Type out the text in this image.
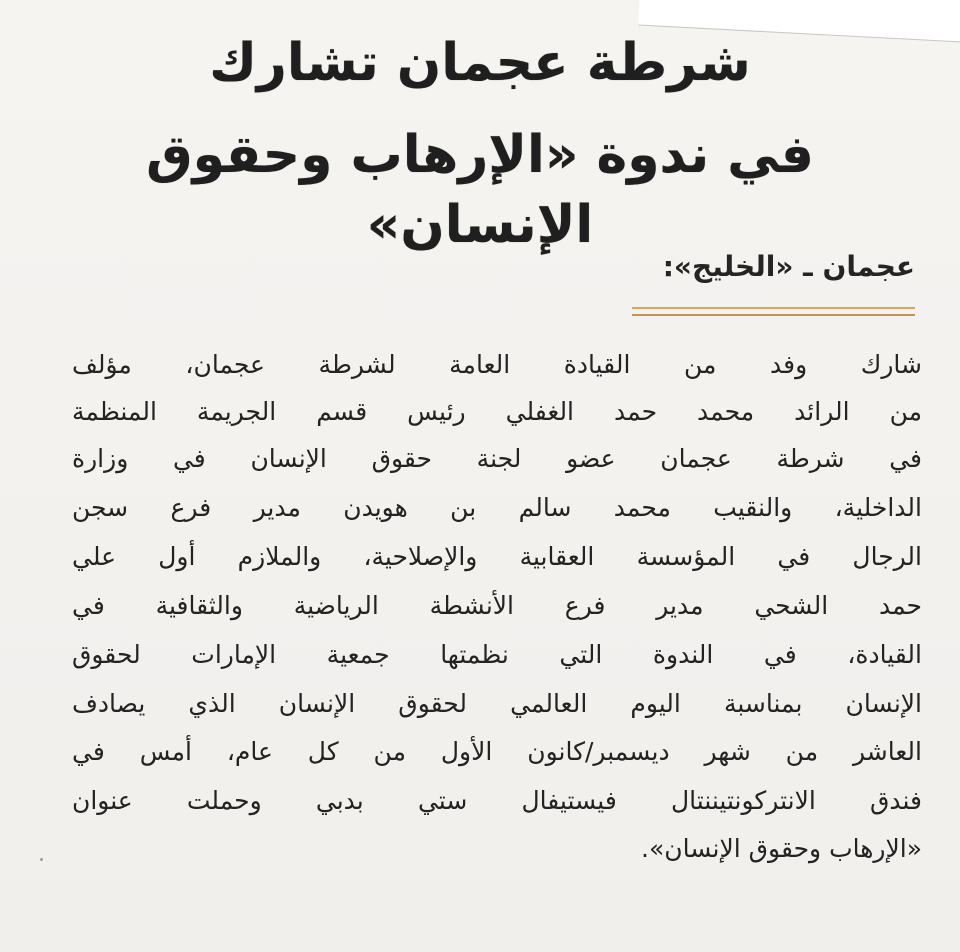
شرطة عجمان تشارك
في ندوة «الإرهاب وحقوق الإنسان»
عجمان ـ «الخليج»:
شارك وفد من القيادة العامة لشرطة عجمان، مؤلف
من الرائد محمد حمد الغفلي رئيس قسم الجريمة المنظمة
في شرطة عجمان عضو لجنة حقوق الإنسان في وزارة
الداخلية، والنقيب محمد سالم بن هويدن مدير فرع سجن
الرجال في المؤسسة العقابية والإصلاحية، والملازم أول علي
حمد الشحي مدير فرع الأنشطة الرياضية والثقافية في
القيادة، في الندوة التي نظمتها جمعية الإمارات لحقوق
الإنسان بمناسبة اليوم العالمي لحقوق الإنسان الذي يصادف
العاشر من شهر ديسمبر/كانون الأول من كل عام، أمس في
فندق الانتركونتيننتال فيستيفال ستي بدبي وحملت عنوان
«الإرهاب وحقوق الإنسان».
